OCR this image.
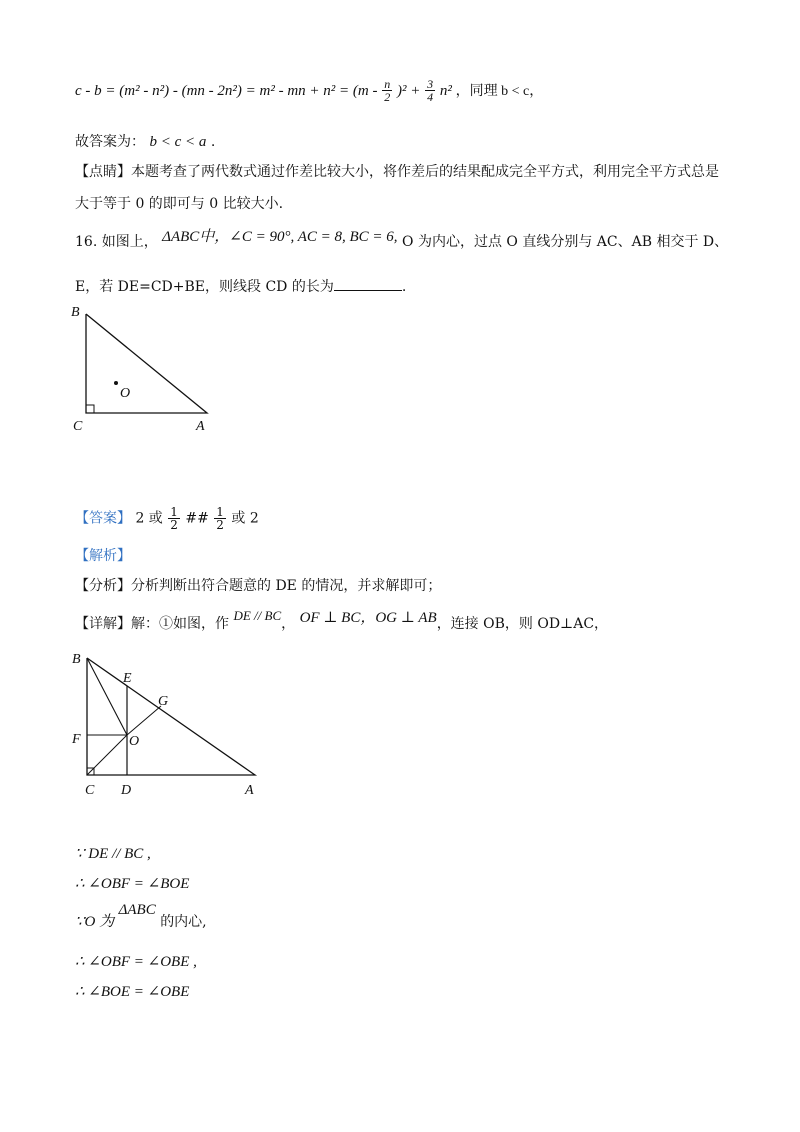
c - b = (m² - n²) - (mn - 2n²) = m² - mn + $n^2 = (m - \frac{n}{2} )^2 + \frac{3}{4} n^2$ ，同理 b < c，
故答案为： b < c < a .
【点睛】本题考查了两代数式通过作差比较大小，将作差后的结果配成完全平方式，利用完全平方式总是
大于等于 0 的即可与 0 比较大小.
16. 如图上， ΔABC中，∠C = 90°, AC = 8, BC = 6, O 为内心，过点 O 直线分别与 AC、AB 相交于 D、
E，若 DE=CD+BE，则线段 CD 的长为	.
B
O
C	A
【答案】 2 或 $\frac{1}{2}$ ## $\frac{1}{2}$ 或 2
【解析】
【分析】分析判断出符合题意的 DE 的情况，并求解即可；
【详解】解：①如图，作 DE // BC， OF ⊥ BC，OG ⊥ AB，连接 OB，则 OD⊥AC，
B
E
G
F	O
C D	A
∵ DE // BC ,
∴ ∠OBF = ∠BOE
∵O 为 ΔABC 的内心,
∴ ∠OBF = ∠OBE ,
∴ ∠BOE = ∠OBE
